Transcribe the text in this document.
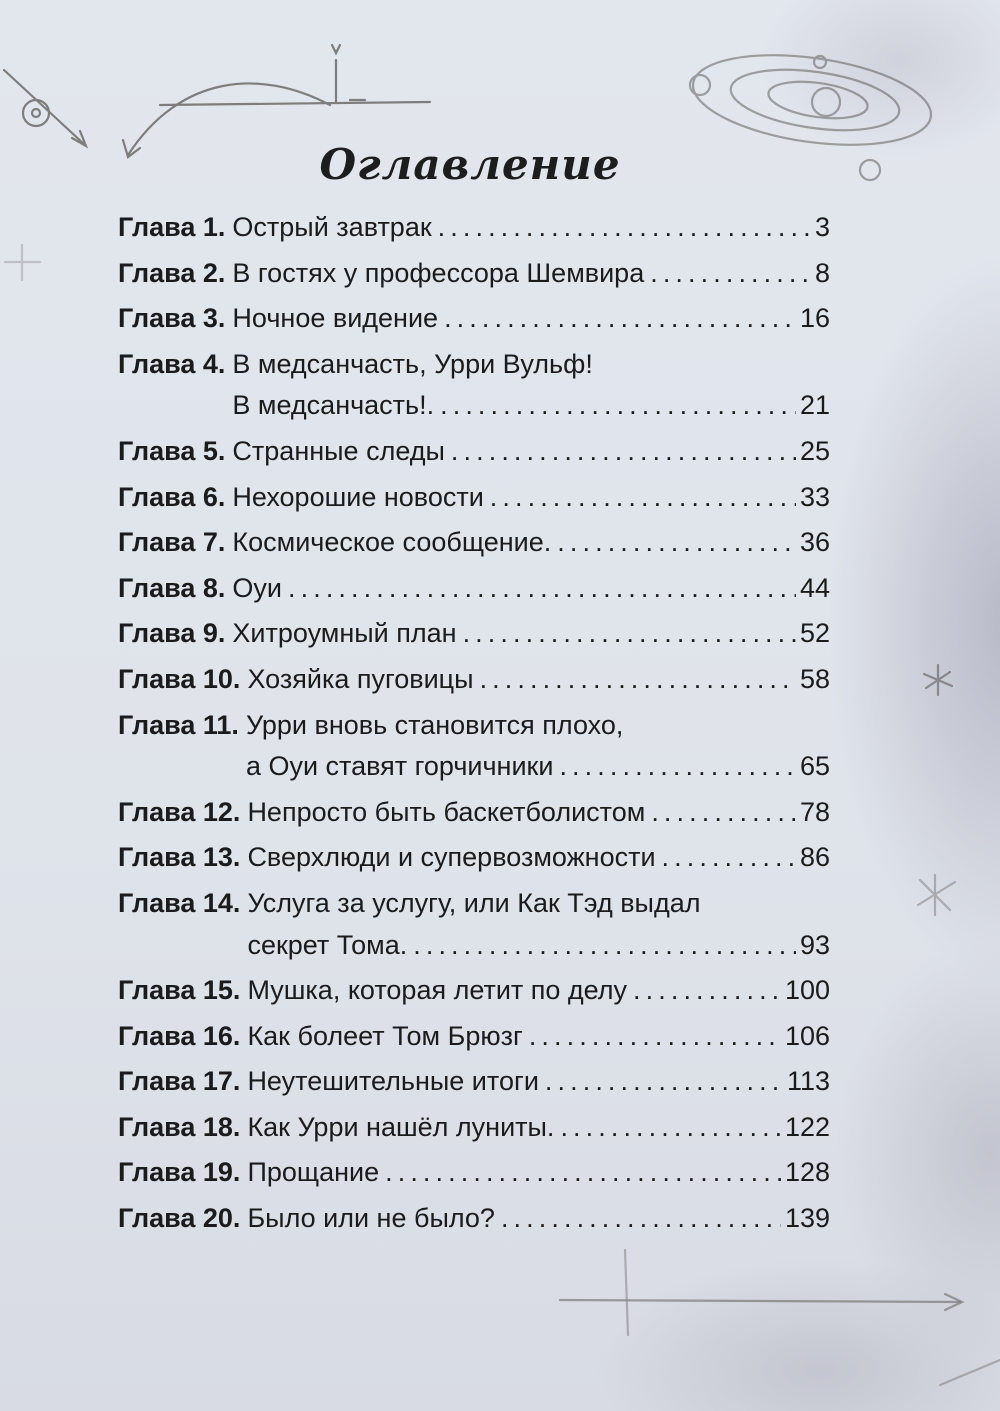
Оглавление
Глава 1. Острый завтрак . . .	3
Глава 2. В гостях у профессора Шемвира . . .	8
Глава 3. Ночное видение . . .	16
Глава 4. В медсанчасть, Урри Вульф!
В медсанчасть!. . . .	21
Глава 5. Странные следы . . .	25
Глава 6. Нехорошие новости . . .	33
Глава 7. Космическое сообщение. . . .	36
Глава 8. Оуи . . .	44
Глава 9. Хитроумный план . . .	52
Глава 10. Хозяйка пуговицы . . .	58
Глава 11. Урри вновь становится плохо,
а Оуи ставят горчичники . . .	65
Глава 12. Непросто быть баскетболистом . . .	78
Глава 13. Сверхлюди и супервозможности . . .	86
Глава 14. Услуга за услугу, или Как Тэд выдал
секрет Тома. . . .	93
Глава 15. Мушка, которая летит по делу . . .	100
Глава 16. Как болеет Том Брюзг . . .	106
Глава 17. Неутешительные итоги . . .	113
Глава 18. Как Урри нашёл луниты. . . .	122
Глава 19. Прощание . . .	128
Глава 20. Было или не было? . . .	139
